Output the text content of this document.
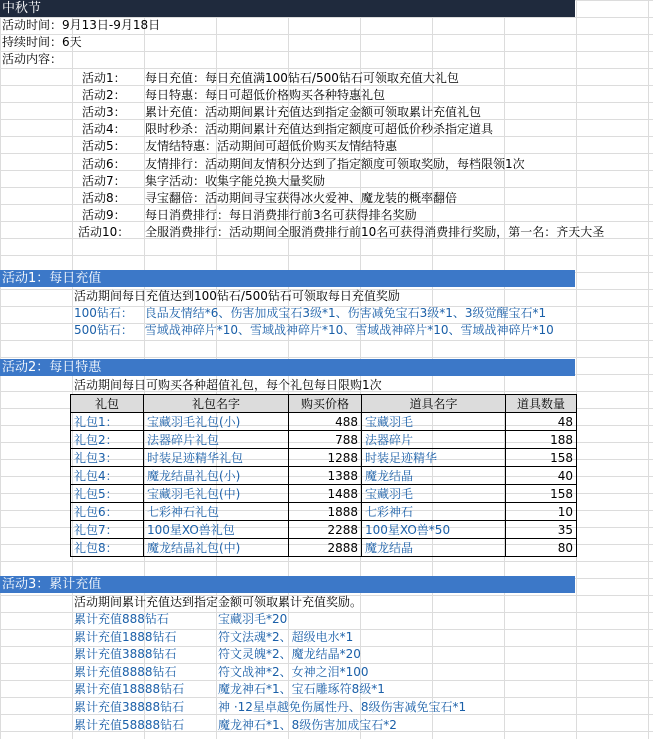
中秋节
活动时间：9月13日-9月18日
持续时间：6天
活动内容：
活动1： 每日充值：每日充值满100钻石/500钻石可领取充值大礼包
活动2： 每日特惠：每日可超低价格购买各种特惠礼包
活动3： 累计充值：活动期间累计充值达到指定金额可领取累计充值礼包
活动4： 限时秒杀：活动期间累计充值达到指定额度可超低价秒杀指定道具
活动5： 友情结特惠：活动期间可超低价购买友情结特惠
活动6： 友情排行：活动期间友情积分达到了指定额度可领取奖励，每档限领1次
活动7： 集字活动：收集字能兑换大量奖励
活动8： 寻宝翻倍：活动期间寻宝获得冰火爱神、魔龙装的概率翻倍
活动9： 每日消费排行：每日消费排行前3名可获得排名奖励
活动10： 全服消费排行：活动期间全服消费排行前10名可获得消费排行奖励，第一名：齐天大圣
活动1：每日充值
活动期间每日充值达到100钻石/500钻石可领取每日充值奖励
100钻石： 良品友情结*6、伤害加成宝石3级*1、伤害减免宝石3级*1、3级觉醒宝石*1
500钻石： 雪域战神碎片*10、雪域战神碎片*10、雪域战神碎片*10、雪域战神碎片*10
活动2：每日特惠
活动期间每日可购买各种超值礼包，每个礼包每日限购1次
礼包	礼包名字	购买价格	道具名字	道具数量
礼包1：	宝藏羽毛礼包(小)	488	宝藏羽毛	48
礼包2：	法器碎片礼包	788	法器碎片	188
礼包3：	时装足迹精华礼包	1288	时装足迹精华	158
礼包4：	魔龙结晶礼包(小)	1388	魔龙结晶	40
礼包5：	宝藏羽毛礼包(中)	1488	宝藏羽毛	158
礼包6：	七彩神石礼包	1888	七彩神石	10
礼包7：	100星XO兽礼包	2288	100星XO兽*50	35
礼包8：	魔龙结晶礼包(中)	2888	魔龙结晶	80
活动3：累计充值
活动期间累计充值达到指定金额可领取累计充值奖励。
累计充值888钻石	宝藏羽毛*20
累计充值1888钻石	符文法魂*2、超级电水*1
累计充值3888钻石	符文灵魄*2、魔龙结晶*20
累计充值8888钻石	符文战神*2、女神之泪*100
累计充值18888钻石	魔龙神石*1、宝石雕琢符8级*1
累计充值38888钻石	神 ·12星卓越免伤属性丹、8级伤害减免宝石*1
累计充值58888钻石	魔龙神石*1、8级伤害加成宝石*2
